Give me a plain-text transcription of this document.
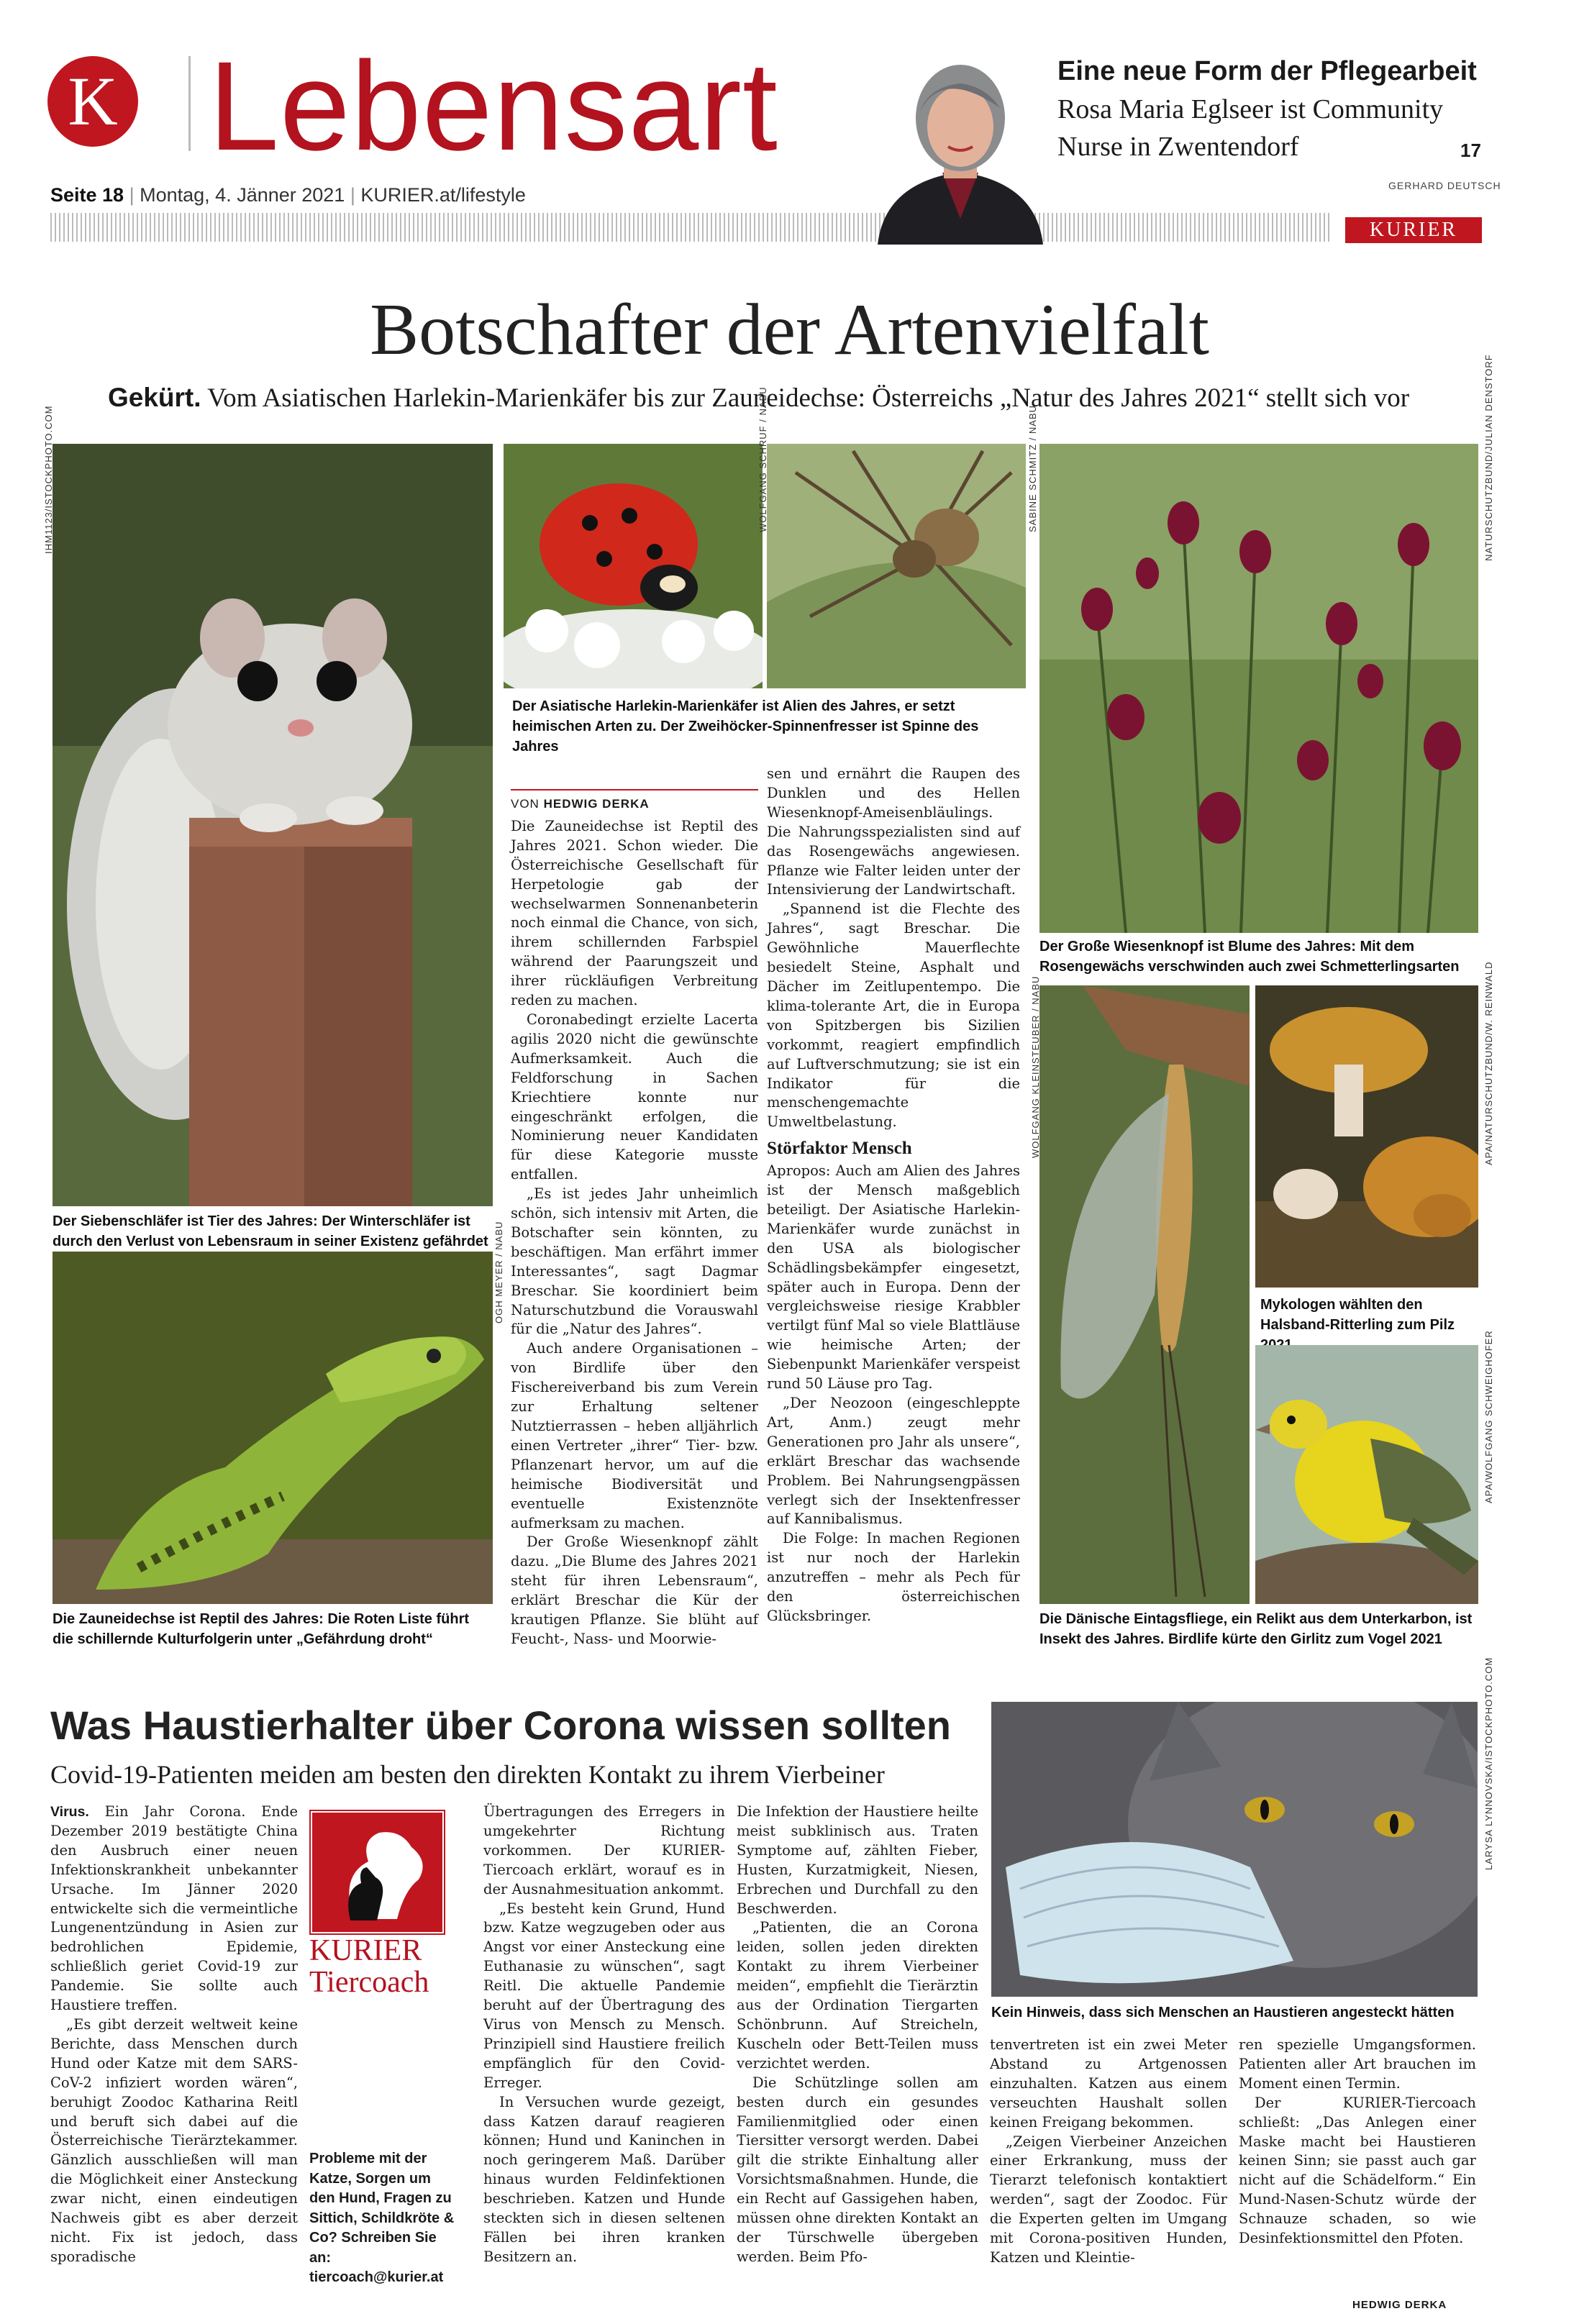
K Lebensart
Seite 18 | Montag, 4. Jänner 2021 | KURIER.at/lifestyle
KURIER
Eine neue Form der Pflegearbeit
Rosa Maria Eglseer ist Community
Nurse in Zwentendorf	17
GERHARD DEUTSCH
Botschafter der Artenvielfalt
Gekürt. Vom Asiatischen Harlekin-Marienkäfer bis zur Zauneidechse: Österreichs „Natur des Jahres 2021“ stellt sich vor
IHM1123/ISTOCKPHOTO.COM
Der Siebenschläfer ist Tier des Jahres: Der Winterschläfer ist durch den Verlust von Lebensraum in seiner Existenz gefährdet OGH MEYER / NABU
Die Zauneidechse ist Reptil des Jahres: Die Roten Liste führt die schillernde Kulturfolgerin unter „Gefährdung droht“
WOLFGANG SCHRUF / NABU	SABINE SCHMITZ / NABU
Der Asiatische Harlekin-Marienkäfer ist Alien des Jahres, er setzt heimischen Arten zu. Der Zweihöcker-Spinnenfresser ist Spinne des Jahres
NATURSCHUTZBUND/JULIAN DENSTORF
Der Große Wiesenknopf ist Blume des Jahres: Mit dem Rosengewächs verschwinden auch zwei Schmetterlingsarten
WOLFGANG KLEINSTEUBER / NABU	APA/NATURSCHUTZBUND/W. REINWALD
Mykologen wählten den Halsband-Ritterling zum Pilz
APA/WOLFGANG SCHWEIGHOFER
Die Dänische Eintagsfliege, ein Relikt aus dem Unterkarbon, ist Insekt des Jahres. Birdlife kürte den Girlitz zum Vogel 2021
VON HEDWIG DERKA

Die Zauneidechse ist Reptil des Jahres 2021. Schon wieder. Die Österreichische Gesellschaft für Herpetologie gab der wechselwarmen Sonnenanbeterin noch einmal die Chance, von sich, ihrem schillernden Farbspiel während der Paarungszeit und ihrer rückläufigen Verbreitung reden zu machen.

Coronabedingt erzielte Lacerta agilis 2020 nicht die gewünschte Aufmerksamkeit. Auch die Feldforschung in Sachen Kriechtiere konnte nur eingeschränkt erfolgen, die Nominierung neuer Kandidaten für diese Kategorie musste entfallen.

„Es ist jedes Jahr unheimlich schön, sich intensiv mit Arten, die Botschafter sein könnten, zu beschäftigen. Man erfährt immer Interessantes“, sagt Dagmar Breschar. Sie koordiniert beim Naturschutzbund die Vorauswahl für die „Natur des Jahres“.

Auch andere Organisationen – von Birdlife über den Fischereiverband bis zum Verein zur Erhaltung seltener Nutztierrassen – heben alljährlich einen Vertreter „ihrer“ Tier- bzw. Pflanzenart hervor, um auf die heimische Biodiversität und eventuelle Existenznöte aufmerksam zu machen.

Der Große Wiesenknopf zählt dazu. „Die Blume des Jahres 2021 steht für ihren Lebensraum“, erklärt Breschar die Kür der krautigen Pflanze. Sie blüht auf Feucht-, Nass- und Moorwie-

sen und ernährt die Raupen des Dunklen und des Hellen Wiesenknopf-Ameisenbläulings. Die Nahrungsspezialisten sind auf das Rosengewächs angewiesen. Pflanze wie Falter leiden unter der Intensivierung der Landwirtschaft.

„Spannend ist die Flechte des Jahres“, sagt Breschar. Die Gewöhnliche Mauerflechte besiedelt Steine, Asphalt und Dächer im Zeitlupentempo. Die klima-tolerante Art, die in Europa von Spitzbergen bis Sizilien vorkommt, reagiert empfindlich auf Luftverschmutzung; sie ist ein Indikator für die menschengemachte Umweltbelastung.

Störfaktor Mensch

Apropos: Auch am Alien des Jahres ist der Mensch maßgeblich beteiligt. Der Asiatische Harlekin-Marienkäfer wurde zunächst in den USA als biologischer Schädlingsbekämpfer eingesetzt, später auch in Europa. Denn der vergleichsweise riesige Krabbler vertilgt fünf Mal so viele Blattläuse wie heimische Arten; der Siebenpunkt Marienkäfer verspeist rund 50 Läuse pro Tag.

„Der Neozoon (eingeschleppte Art, Anm.) zeugt mehr Generationen pro Jahr als unsere“, erklärt Breschar das wachsende Problem. Bei Nahrungsengpässen verlegt sich der Insektenfresser auf Kannibalismus.

Die Folge: In machen Regionen ist nur noch der Harlekin anzutreffen – mehr als Pech für den österreichischen Glücksbringer.

Was Haustierhalter über Corona wissen sollten
Covid-19-Patienten meiden am besten den direkten Kontakt zu ihrem Vierbeiner

Virus. Ein Jahr Corona. Ende Dezember 2019 bestätigte China den Ausbruch einer neuen Infektionskrankheit unbekannter Ursache. Im Jänner 2020 entwickelte sich die vermeintliche Lungenentzündung in Asien zur bedrohlichen Epidemie, schließlich geriet Covid-19 zur Pandemie. Sie sollte auch Haustiere treffen.

„Es gibt derzeit weltweit keine Berichte, dass Menschen durch Hund oder Katze mit dem SARS-CoV-2 infiziert worden wären“, beruhigt Zoodoc Katharina Reitl und beruft sich dabei auf die Österreichische Tierärztekammer. Gänzlich ausschließen will man die Möglichkeit einer Ansteckung zwar nicht, einen eindeutigen Nachweis gibt es aber derzeit nicht. Fix ist jedoch, dass sporadische

KURIER
Tiercoach
Probleme mit der Katze, Sorgen um den Hund, Fragen zu Sittich, Schildkröte & Co? Schreiben Sie an: tiercoach@kurier.at

Übertragungen des Erregers in umgekehrter Richtung vorkommen. Der KURIER-Tiercoach erklärt, worauf es in der Ausnahmesituation ankommt.

„Es besteht kein Grund, Hund bzw. Katze wegzugeben oder aus Angst vor einer Ansteckung eine Euthanasie zu wünschen“, sagt Reitl. Die aktuelle Pandemie beruht auf der Übertragung des Virus von Mensch zu Mensch. Prinzipiell sind Haustiere freilich empfänglich für den Covid-Erreger.

In Versuchen wurde gezeigt, dass Katzen darauf reagieren können; Hund und Kaninchen in noch geringerem Maß. Darüber hinaus wurden Feldinfektionen beschrieben. Katzen und Hunde steckten sich in diesen seltenen Fällen bei ihren kranken Besitzern an.

Die Infektion der Haustiere heilte meist subklinisch aus. Traten Symptome auf, zählten Fieber, Husten, Kurzatmigkeit, Niesen, Erbrechen und Durchfall zu den Beschwerden.

„Patienten, die an Corona leiden, sollen jeden direkten Kontakt zu ihrem Vierbeiner meiden“, empfiehlt die Tierärztin aus der Ordination Tiergarten Schönbrunn. Auf Streicheln, Kuscheln oder Bett-Teilen muss verzichtet werden.

Die Schützlinge sollen am besten durch ein gesundes Familienmitglied oder einen Tiersitter versorgt werden. Dabei gilt die strikte Einhaltung aller Vorsichtsmaßnahmen. Hunde, die ein Recht auf Gassigehen haben, müssen ohne direkten Kontakt an der Türschwelle übergeben werden. Beim Pfo-

LARYSA LYNNOVSKA/ISTOCKPHOTO.COM
Kein Hinweis, dass sich Menschen an Haustieren angesteckt hätten

tenvertreten ist ein zwei Meter Abstand zu Artgenossen einzuhalten. Katzen aus einem verseuchten Haushalt sollen keinen Freigang bekommen.

„Zeigen Vierbeiner Anzeichen einer Erkrankung, muss der Tierarzt telefonisch kontaktiert werden“, sagt der Zoodoc. Für die Experten gelten im Umgang mit Corona-positiven Hunden, Katzen und Kleintie-

ren spezielle Umgangsformen. Patienten aller Art brauchen im Moment einen Termin.

Der KURIER-Tiercoach schließt: „Das Anlegen einer Maske macht bei Haustieren keinen Sinn; sie passt auch gar nicht auf die Schädelform.“ Ein Mund-Nasen-Schutz würde der Schnauze schaden, so wie Desinfektionsmittel den Pfoten.

HEDWIG DERKA
